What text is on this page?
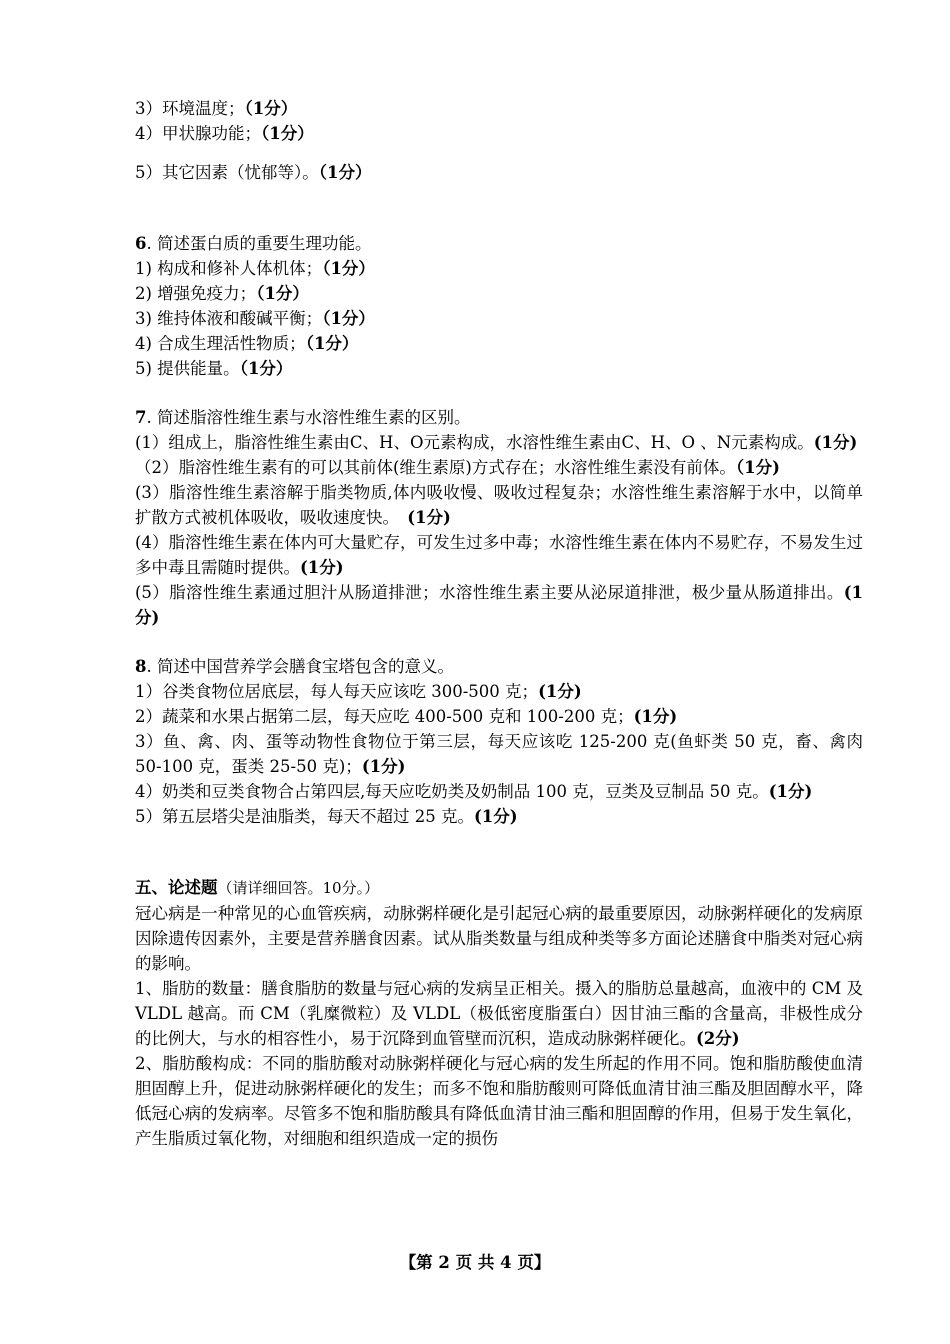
3）环境温度；（1分）
4）甲状腺功能；（1分）
5）其它因素（忧郁等）。（1分）
6. 简述蛋白质的重要生理功能。
1) 构成和修补人体机体；（1分）
2) 增强免疫力；（1分）
3) 维持体液和酸碱平衡；（1分）
4) 合成生理活性物质；（1分）
5) 提供能量。（1分）
7. 简述脂溶性维生素与水溶性维生素的区别。
(1）组成上，脂溶性维生素由C、H、O元素构成，水溶性维生素由C、H、O 、N元素构成。(1分)
（2）脂溶性维生素有的可以其前体(维生素原)方式存在；水溶性维生素没有前体。（1分)
(3）脂溶性维生素溶解于脂类物质,体内吸收慢、吸收过程复杂；水溶性维生素溶解于水中，以简单扩散方式被机体吸收，吸收速度快。　(1分)
(4）脂溶性维生素在体内可大量贮存，可发生过多中毒；水溶性维生素在体内不易贮存，不易发生过多中毒且需随时提供。(1分)
(5）脂溶性维生素通过胆汁从肠道排泄；水溶性维生素主要从泌尿道排泄，极少量从肠道排出。(1分)
8. 简述中国营养学会膳食宝塔包含的意义。
1）谷类食物位居底层，每人每天应该吃 300-500 克；(1分)
2）蔬菜和水果占据第二层，每天应吃 400-500 克和 100-200 克；(1分)
3）鱼、禽、肉、蛋等动物性食物位于第三层，每天应该吃 125-200 克(鱼虾类 50 克，畜、禽肉 50-100 克，蛋类 25-50 克)；(1分)
4）奶类和豆类食物合占第四层,每天应吃奶类及奶制品 100 克，豆类及豆制品 50 克。(1分)
5）第五层塔尖是油脂类，每天不超过 25 克。(1分)
五、论述题（请详细回答。10分。）
冠心病是一种常见的心血管疾病，动脉粥样硬化是引起冠心病的最重要原因，动脉粥样硬化的发病原因除遗传因素外，主要是营养膳食因素。试从脂类数量与组成种类等多方面论述膳食中脂类对冠心病的影响。
1、脂肪的数量：膳食脂肪的数量与冠心病的发病呈正相关。摄入的脂肪总量越高，血液中的 CM 及 VLDL 越高。而 CM（乳糜微粒）及 VLDL（极低密度脂蛋白）因甘油三酯的含量高，非极性成分的比例大，与水的相容性小，易于沉降到血管壁而沉积，造成动脉粥样硬化。(2分)
2、脂肪酸构成：不同的脂肪酸对动脉粥样硬化与冠心病的发生所起的作用不同。饱和脂肪酸使血清胆固醇上升，促进动脉粥样硬化的发生；而多不饱和脂肪酸则可降低血清甘油三酯及胆固醇水平，降低冠心病的发病率。尽管多不饱和脂肪酸具有降低血清甘油三酯和胆固醇的作用，但易于发生氧化，产生脂质过氧化物，对细胞和组织造成一定的损伤
【第 2 页 共 4 页】
